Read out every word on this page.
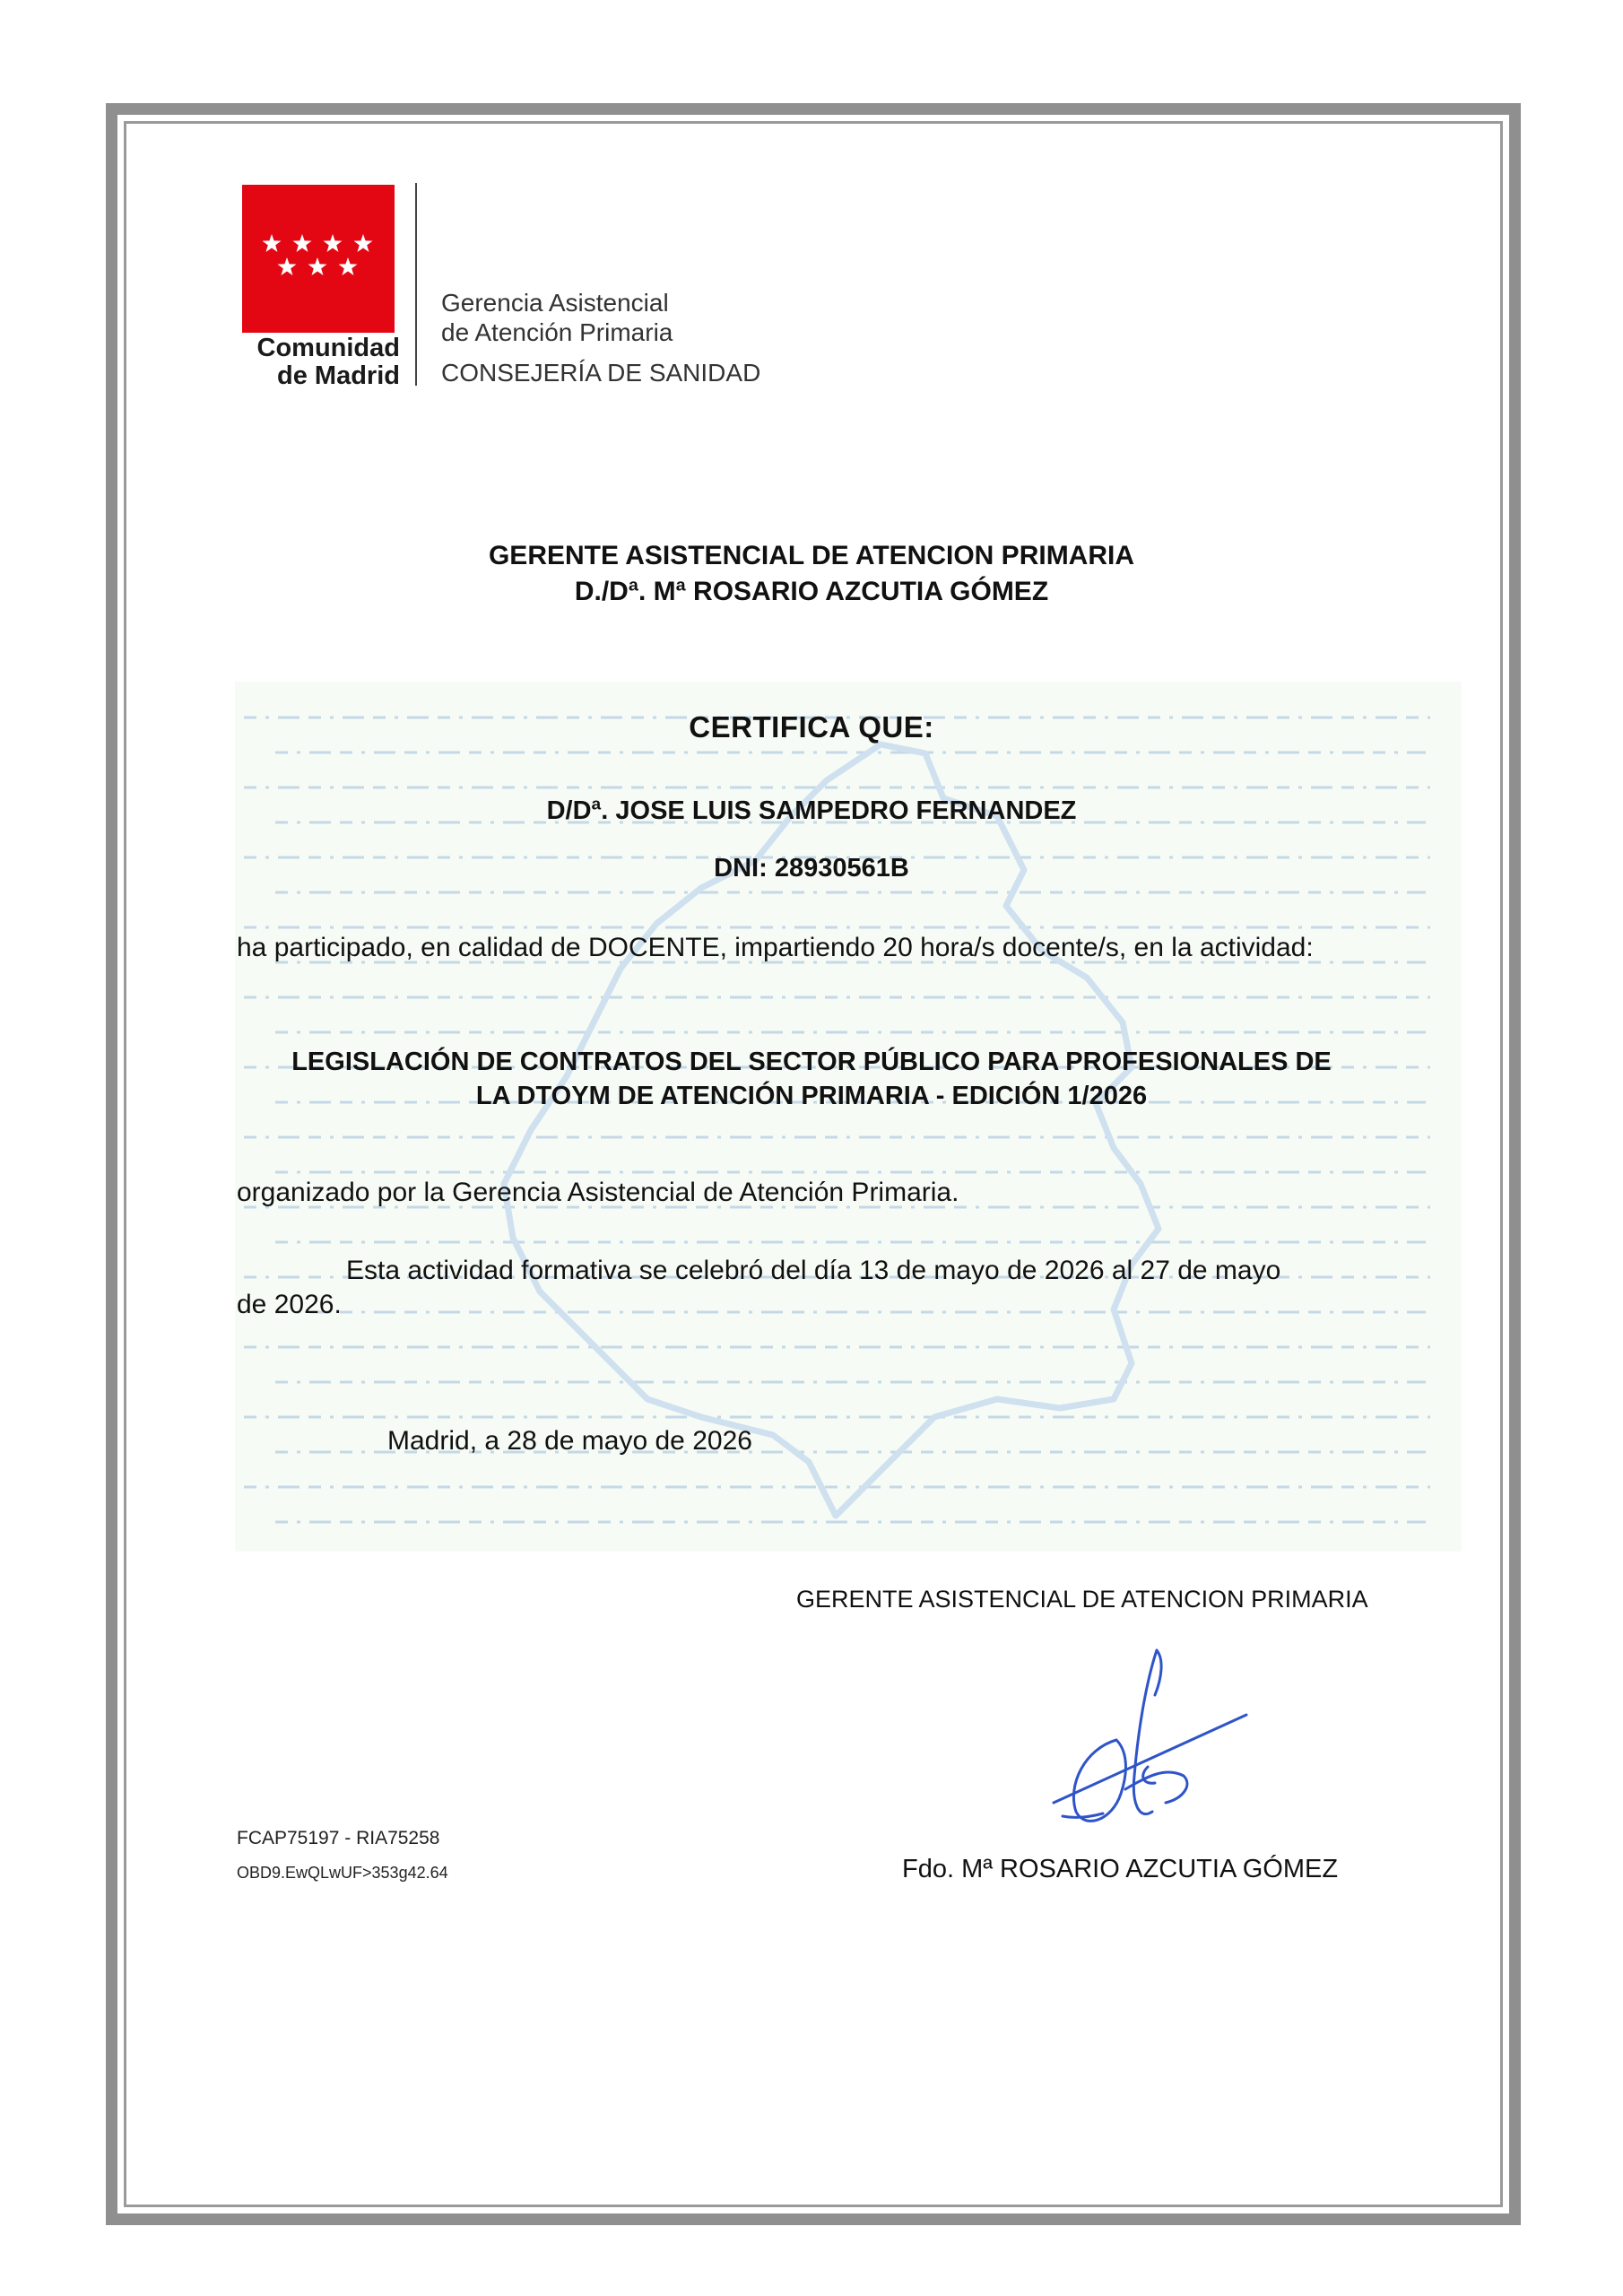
Comunidad
de Madrid
Gerencia Asistencial
de Atención Primaria
CONSEJERÍA DE SANIDAD
GERENTE ASISTENCIAL DE ATENCION PRIMARIA
D./Dª. Mª ROSARIO AZCUTIA GÓMEZ
CERTIFICA QUE:
D/Dª. JOSE LUIS SAMPEDRO FERNANDEZ
DNI: 28930561B
ha participado, en calidad de DOCENTE, impartiendo 20 hora/s docente/s, en la actividad:
LEGISLACIÓN DE CONTRATOS DEL SECTOR PÚBLICO PARA PROFESIONALES DE
LA DTOYM DE ATENCIÓN PRIMARIA - EDICIÓN 1/2026
organizado por la Gerencia Asistencial de Atención Primaria.
Esta actividad formativa se celebró del día 13 de mayo de 2026 al 27 de mayo
de 2026.
Madrid, a 28 de mayo de 2026
GERENTE ASISTENCIAL DE ATENCION PRIMARIA
Fdo. Mª ROSARIO AZCUTIA GÓMEZ
FCAP75197 - RIA75258
OBD9.EwQLwUF>353g42.64
